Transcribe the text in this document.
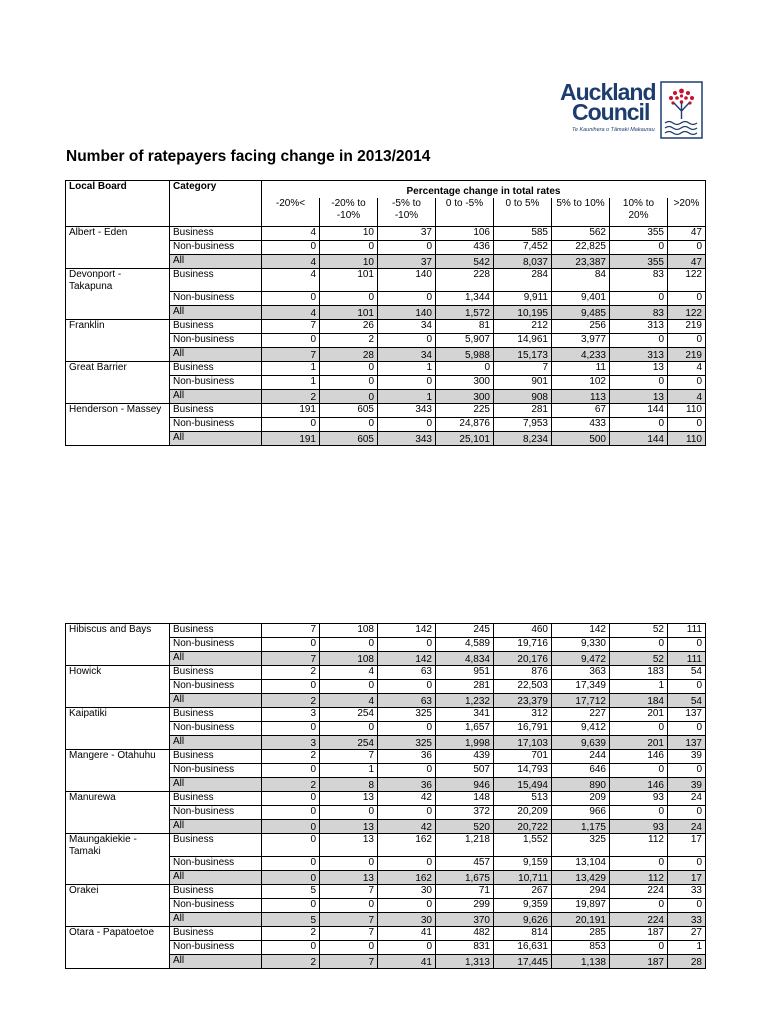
Auckland
Council
Te Kaunihera o Tāmaki Makaurau
Number of ratepayers facing change in 2013/2014
Local Board	Category	Percentage change in total rates							
		-20%<	-20% to -10%	-5% to -10%	0 to -5%	0 to 5%	5% to 10%	10% to 20%	>20%
Albert - Eden	Business	4	10	37	106	585	562	355	47
	Non-business	0	0	0	436	7,452	22,825	0	0
	All	4	10	37	542	8,037	23,387	355	47
Devonport - Takapuna	Business	4	101	140	228	284	84	83	122
	Non-business	0	0	0	1,344	9,911	9,401	0	0
	All	4	101	140	1,572	10,195	9,485	83	122
Franklin	Business	7	26	34	81	212	256	313	219
	Non-business	0	2	0	5,907	14,961	3,977	0	0
	All	7	28	34	5,988	15,173	4,233	313	219
Great Barrier	Business	1	0	1	0	7	11	13	4
	Non-business	1	0	0	300	901	102	0	0
	All	2	0	1	300	908	113	13	4
Henderson - Massey	Business	191	605	343	225	281	67	144	110
	Non-business	0	0	0	24,876	7,953	433	0	0
	All	191	605	343	25,101	8,234	500	144	110
Hibiscus and Bays	Business	7	108	142	245	460	142	52	111
	Non-business	0	0	0	4,589	19,716	9,330	0	0
	All	7	108	142	4,834	20,176	9,472	52	111
Howick	Business	2	4	63	951	876	363	183	54
	Non-business	0	0	0	281	22,503	17,349	1	0
	All	2	4	63	1,232	23,379	17,712	184	54
Kaipatiki	Business	3	254	325	341	312	227	201	137
	Non-business	0	0	0	1,657	16,791	9,412	0	0
	All	3	254	325	1,998	17,103	9,639	201	137
Mangere - Otahuhu	Business	2	7	36	439	701	244	146	39
	Non-business	0	1	0	507	14,793	646	0	0
	All	2	8	36	946	15,494	890	146	39
Manurewa	Business	0	13	42	148	513	209	93	24
	Non-business	0	0	0	372	20,209	966	0	0
	All	0	13	42	520	20,722	1,175	93	24
Maungakiekie - Tamaki	Business	0	13	162	1,218	1,552	325	112	17
	Non-business	0	0	0	457	9,159	13,104	0	0
	All	0	13	162	1,675	10,711	13,429	112	17
Orakei	Business	5	7	30	71	267	294	224	33
	Non-business	0	0	0	299	9,359	19,897	0	0
	All	5	7	30	370	9,626	20,191	224	33
Otara - Papatoetoe	Business	2	7	41	482	814	285	187	27
	Non-business	0	0	0	831	16,631	853	0	1
	All	2	7	41	1,313	17,445	1,138	187	28
